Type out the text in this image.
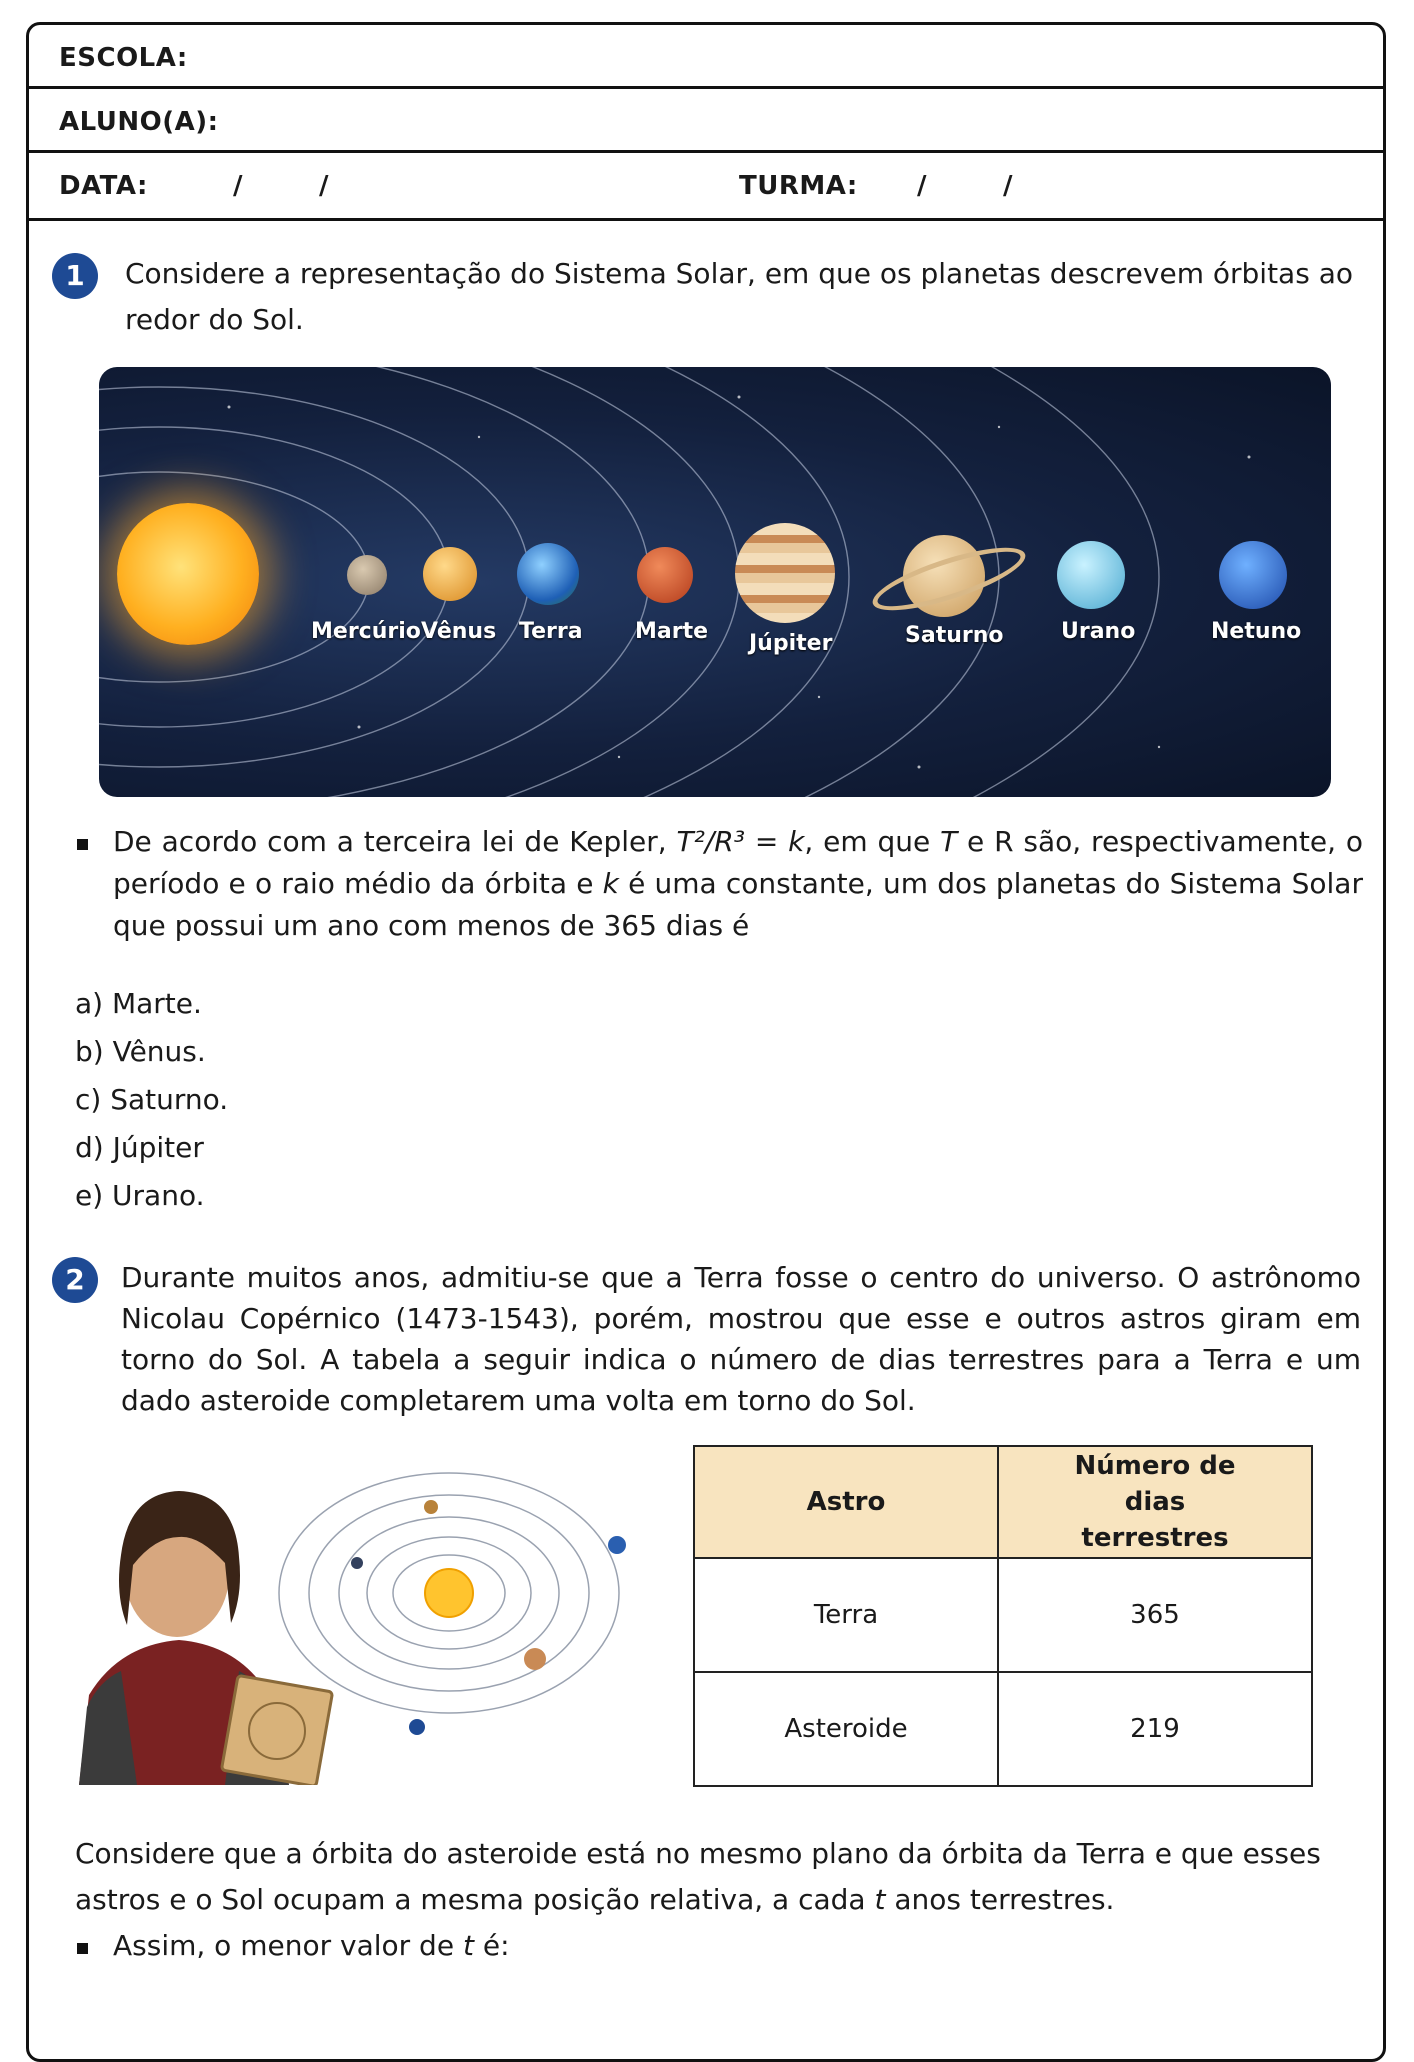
ESCOLA:
ALUNO(A):
DATA:	/	/	TURMA: /	/
1	Considere a representação do Sistema Solar, em que os planetas descrevem órbitas ao redor do Sol.
Mercúrio Vênus Terra Marte Júpiter	Saturno	Urano	Netuno
De acordo com a terceira lei de Kepler, T²/R³ = k, em que T e R são, respectivamente, o período e o raio médio da órbita e k é uma constante, um dos planetas do Sistema Solar que possui um ano com menos de 365 dias é
a) Marte.
b) Vênus.
c) Saturno.
d) Júpiter
e) Urano.
2	Durante muitos anos, admitiu-se que a Terra fosse o centro do universo. O astrônomo Nicolau Copérnico (1473-1543), porém, mostrou que esse e outros astros giram em torno do Sol. A tabela a seguir indica o número de dias terrestres para a Terra e um dado asteroide completarem uma volta em torno do Sol.
Astro	Número de dias terrestres
Terra	365
Asteroide	219
Considere que a órbita do asteroide está no mesmo plano da órbita da Terra e que esses astros e o Sol ocupam a mesma posição relativa, a cada t anos terrestres.
Assim, o menor valor de t é:
